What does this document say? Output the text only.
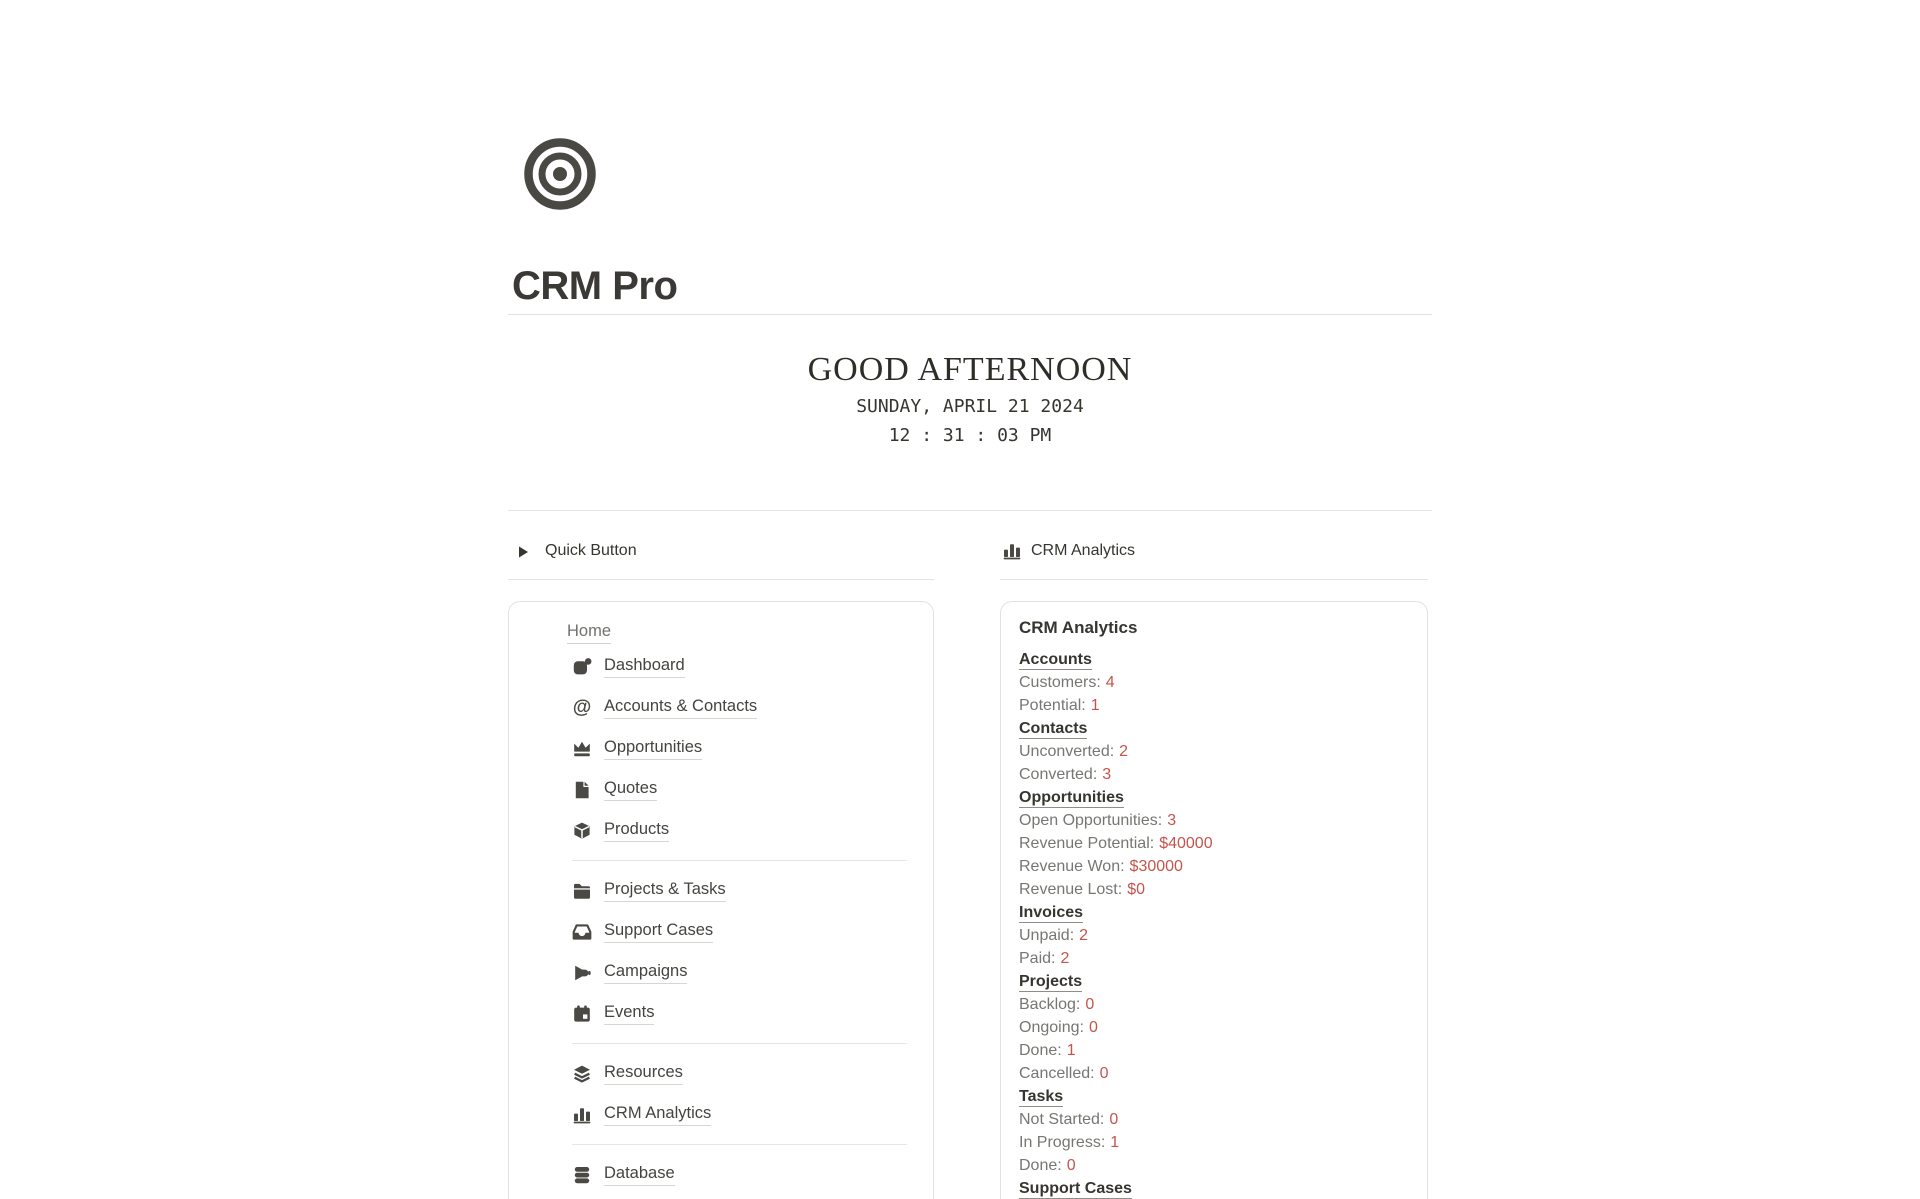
CRM Pro
GOOD AFTERNOON
SUNDAY, APRIL 21 2024
12 : 31 : 03 PM
Quick Button
Home
Dashboard
@ Accounts & Contacts
Opportunities
Quotes
Products
Projects & Tasks
Support Cases
Campaigns
Events
Resources
CRM Analytics
Database
CRM Analytics
CRM Analytics
Accounts
Customers: 4
Potential: 1
Contacts
Unconverted: 2
Converted: 3
Opportunities
Open Opportunities: 3
Revenue Potential: $40000
Revenue Won: $30000
Revenue Lost: $0
Invoices
Unpaid: 2
Paid: 2
Projects
Backlog: 0
Ongoing: 0
Done: 1
Cancelled: 0
Tasks
Not Started: 0
In Progress: 1
Done: 0
Support Cases
